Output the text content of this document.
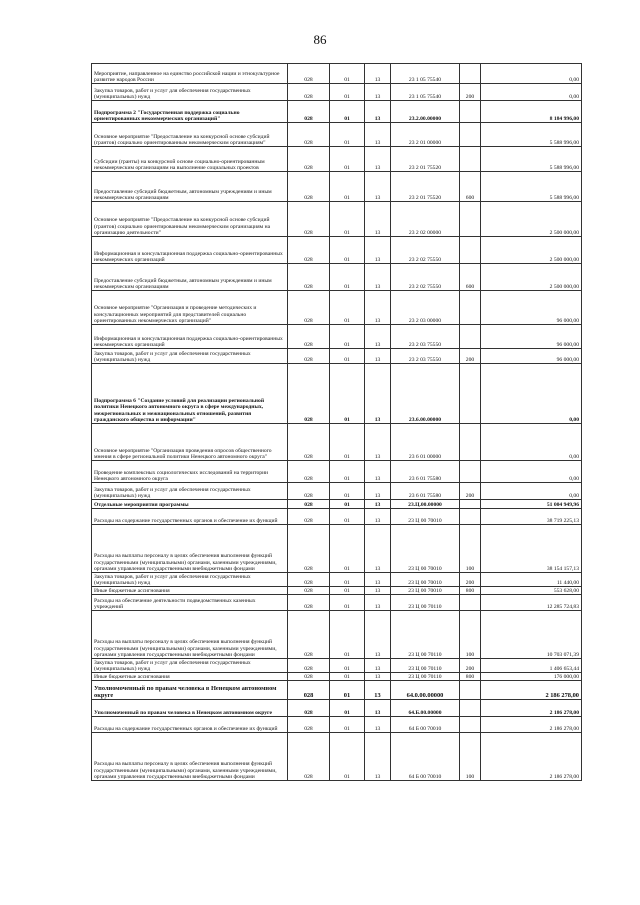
86
Мероприятие, направленное на единство российской нации и этнокультурное развитие народов России	028	01	13	23 1 05 75540		0,00
Закупка товаров, работ и услуг для обеспечения государственных (муниципальных) нужд	028	01	13	23 1 05 75540	200	0,00
Подпрограмма 2 "Государственная поддержка социально ориентированных некоммерческих организаций"	028	01	13	23.2.00.00000		8 184 996,00
Основное мероприятие "Предоставление на конкурсной основе субсидий (грантов) социально ориентированным некоммерческим организациям"	028	01	13	23 2 01 00000		5 588 996,00
Субсидии (гранты) на конкурсной основе социально-ориентированным некоммерческим организациям на выполнение социальных проектов	028	01	13	23 2 01 75520		5 588 996,00
Предоставление субсидий бюджетным, автономным учреждениям и иным некоммерческим организациям	028	01	13	23 2 01 75520	600	5 588 996,00
Основное мероприятие "Предоставление на конкурсной основе субсидий (грантов) социально ориентированным некоммерческим организациям на организацию деятельности"	028	01	13	23 2 02 00000		2 500 000,00
Информационная и консультационная поддержка социально-ориентированных некоммерческих организаций	028	01	13	23 2 02 75550		2 500 000,00
Предоставление субсидий бюджетным, автономным учреждениям и иным некоммерческим организациям	028	01	13	23 2 02 75550	600	2 500 000,00
Основное мероприятие "Организация и проведение методических и консультационных мероприятий для представителей социально ориентированных некоммерческих организаций"	028	01	13	23 2 03 00000		96 000,00
Информационная и консультационная поддержка социально-ориентированных некоммерческих организаций	028	01	13	23 2 03 75550		96 000,00
Закупка товаров, работ и услуг для обеспечения государственных (муниципальных) нужд	028	01	13	23 2 03 75550	200	96 000,00
Подпрограмма 6 "Создание условий для реализации региональной политики Ненецкого автономного округа в сфере международных, межрегиональных и межнациональных отношений, развития гражданского общества и информации"	028	01	13	23.6.00.00000		0,00
Основное мероприятие "Организация проведения опросов общественного мнения в сфере региональной политики Ненецкого автономного округа"	028	01	13	23 6 01 00000		0,00
Проведение комплексных социологических исследований на территории Ненецкого автономного округа	028	01	13	23 6 01 75580		0,00
Закупка товаров, работ и услуг для обеспечения государственных (муниципальных) нужд	028	01	13	23 6 01 75580	200	0,00
Отдельные мероприятия программы	028	01	13	23.Ц.00.00000		51 004 949,96
Расходы на содержание государственных органов и обеспечение их функций	028	01	13	23 Ц 00 70010		38 719 225,13
Расходы на выплаты персоналу в целях обеспечения выполнения функций государственными (муниципальными) органами, казенными учреждениями, органами управления государственными внебюджетными фондами	028	01	13	23 Ц 00 70010	100	38 154 157,13
Закупка товаров, работ и услуг для обеспечения государственных (муниципальных) нужд	028	01	13	23 Ц 00 70010	200	11 440,00
Иные бюджетные ассигнования	028	01	13	23 Ц 00 70010	800	553 628,00
Расходы на обеспечение деятельности подведомственных казенных учреждений	028	01	13	23 Ц 00 70110		12 285 724,83
Расходы на выплаты персоналу в целях обеспечения выполнения функций государственными (муниципальными) органами, казенными учреждениями, органами управления государственными внебюджетными фондами	028	01	13	23 Ц 00 70110	100	10 703 071,39
Закупка товаров, работ и услуг для обеспечения государственных (муниципальных) нужд	028	01	13	23 Ц 00 70110	200	1 406 653,44
Иные бюджетные ассигнования	028	01	13	23 Ц 00 70110	800	176 000,00
Уполномоченный по правам человека в Ненецком автономном округе	028	01	13	64.0.00.00000		2 186 278,00
Уполномоченный по правам человека в Ненецком автономном округе	028	01	13	64.Б.00.00000		2 186 278,00
Расходы на содержание государственных органов и обеспечение их функций	028	01	13	64 Б 00 70010		2 186 278,00
Расходы на выплаты персоналу в целях обеспечения выполнения функций государственными (муниципальными) органами, казенными учреждениями, органами управления государственными внебюджетными фондами	028	01	13	64 Б 00 70010	100	2 186 278,00
